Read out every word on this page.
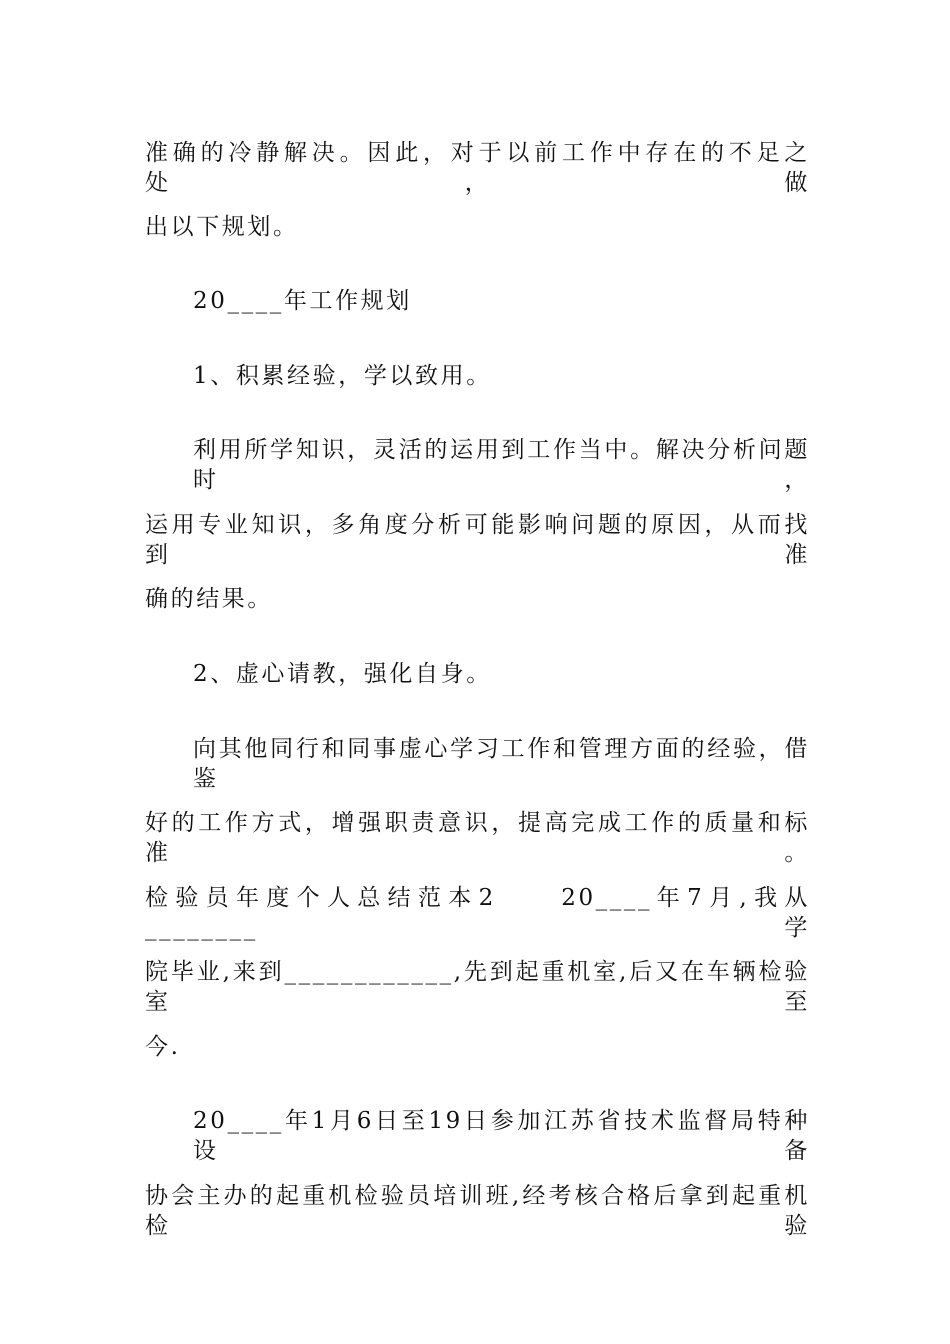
准确的冷静解决。因此，对于以前工作中存在的不足之处，做
出以下规划。
20____年工作规划
1、积累经验，学以致用。
利用所学知识，灵活的运用到工作当中。解决分析问题时，
运用专业知识，多角度分析可能影响问题的原因，从而找到准
确的结果。
2、虚心请教，强化自身。
向其他同行和同事虚心学习工作和管理方面的经验，借鉴
好的工作方式，增强职责意识，提高完成工作的质量和标准。
检验员年度个人总结范本2　　20____年7月,我从________学
院毕业,来到____________,先到起重机室,后又在车辆检验室至
今.
20____年1月6日至19日参加江苏省技术监督局特种设备
协会主办的起重机检验员培训班,经考核合格后拿到起重机检验
